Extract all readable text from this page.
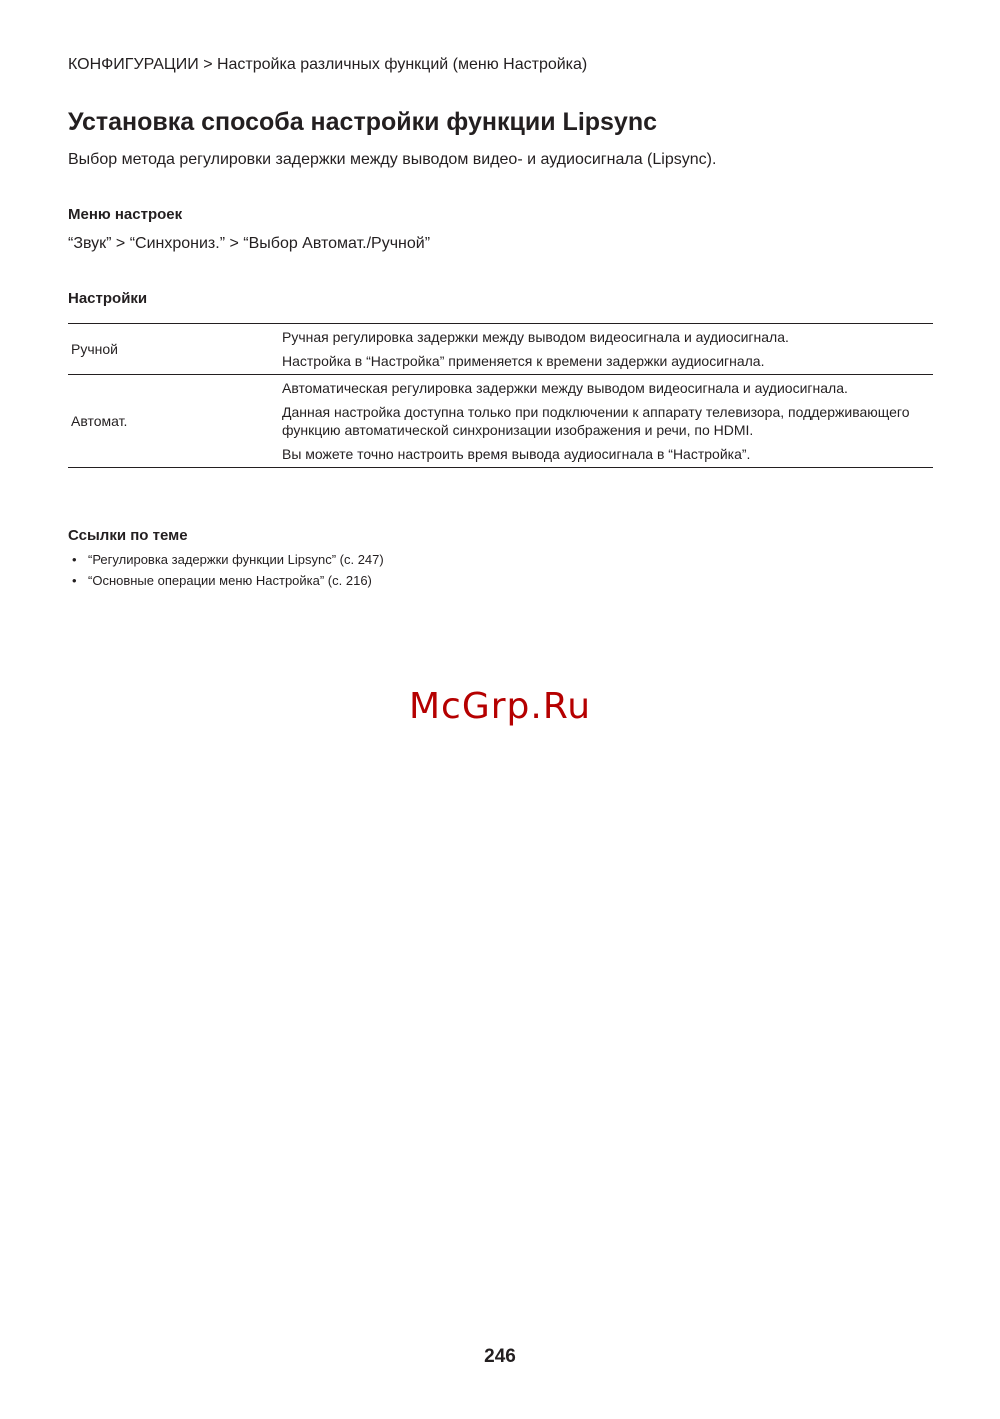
КОНФИГУРАЦИИ > Настройка различных функций (меню Настройка)
Установка способа настройки функции Lipsync
Выбор метода регулировки задержки между выводом видео- и аудиосигнала (Lipsync).
Меню настроек
“Звук” > “Синхрониз.” > “Выбор Автомат./Ручной”
Настройки
Ручной	Ручная регулировка задержки между выводом видеосигнала и аудиосигнала.

Настройка в “Настройка” применяется к времени задержки аудиосигнала.

Автомат.	Автоматическая регулировка задержки между выводом видеосигнала и аудиосигнала.

Данная настройка доступна только при подключении к аппарату телевизора, поддерживающего функцию автоматической синхронизации изображения и речи, по HDMI.

Вы можете точно настроить время вывода аудиосигнала в “Настройка”.

Ссылки по теме
• “Регулировка задержки функции Lipsync” (с. 247)
• “Основные операции меню Настройка” (с. 216)
McGrp.Ru
246
